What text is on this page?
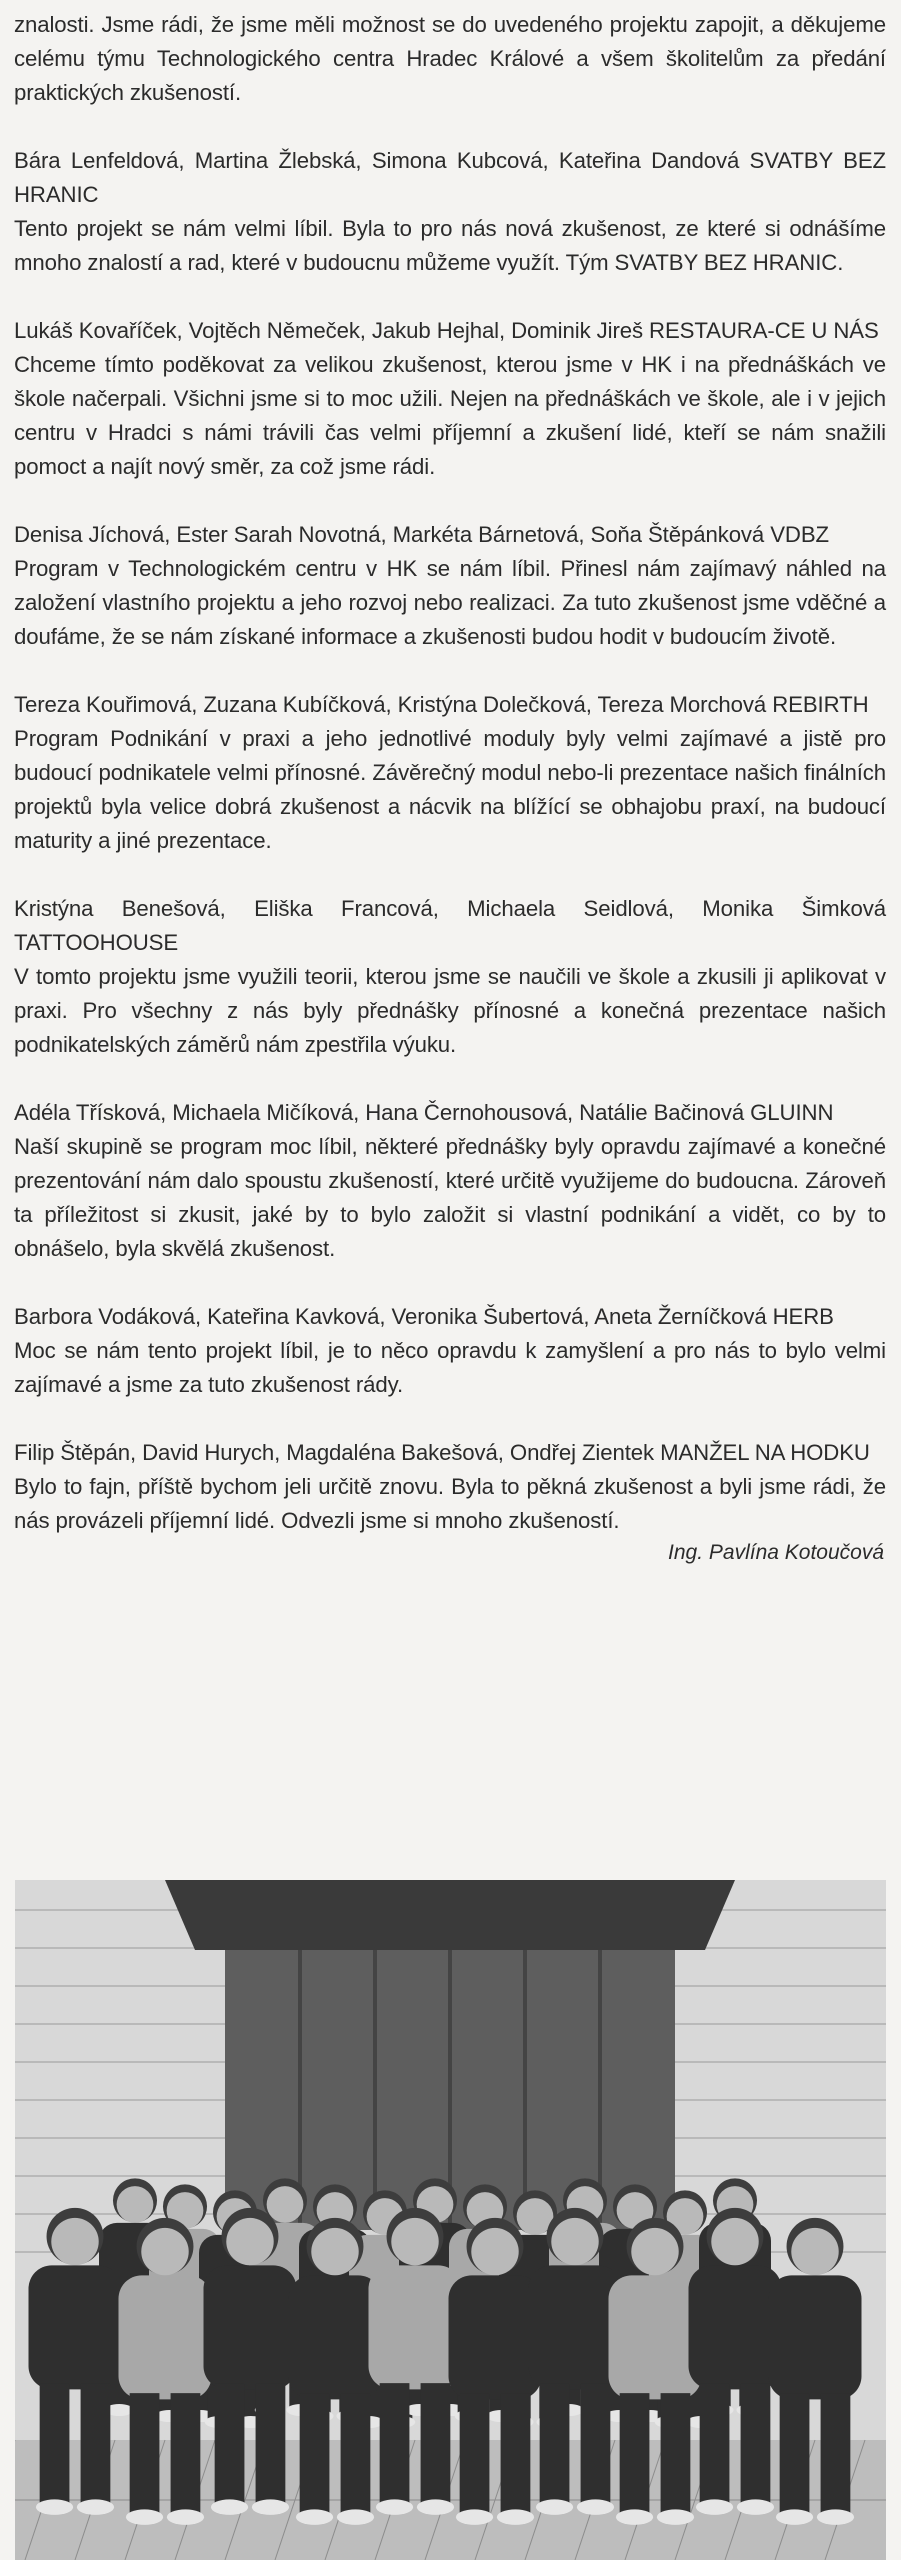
znalosti. Jsme rádi, že jsme měli možnost se do uvedeného projektu zapojit, a děkujeme celému týmu Technologického centra Hradec Králové a všem školitelům za předání praktických zkušeností.

Bára Lenfeldová, Martina Žlebská, Simona Kubcová, Kateřina Dandová SVATBY BEZ HRANIC

Tento projekt se nám velmi líbil. Byla to pro nás nová zkušenost, ze které si odnášíme mnoho znalostí a rad, které v budoucnu můžeme využít. Tým SVATBY BEZ HRANIC.

Lukáš Kovaříček, Vojtěch Němeček, Jakub Hejhal, Dominik Jireš RESTAURA-CE U NÁS

Chceme tímto poděkovat za velikou zkušenost, kterou jsme v HK i na přednáškách ve škole načerpali. Všichni jsme si to moc užili. Nejen na přednáškách ve škole, ale i v jejich centru v Hradci s námi trávili čas velmi příjemní a zkušení lidé, kteří se nám snažili pomoct a najít nový směr, za což jsme rádi.

Denisa Jíchová, Ester Sarah Novotná, Markéta Bárnetová, Soňa Štěpánková VDBZ

Program v Technologickém centru v HK se nám líbil. Přinesl nám zajímavý náhled na založení vlastního projektu a jeho rozvoj nebo realizaci. Za tuto zkušenost jsme vděčné a doufáme, že se nám získané informace a zkušenosti budou hodit v budoucím životě.

Tereza Kouřimová, Zuzana Kubíčková, Kristýna Dolečková, Tereza Morchová REBIRTH

Program Podnikání v praxi a jeho jednotlivé moduly byly velmi zajímavé a jistě pro budoucí podnikatele velmi přínosné. Závěrečný modul nebo-li prezentace našich finálních projektů byla velice dobrá zkušenost a nácvik na blížící se obhajobu praxí, na budoucí maturity a jiné prezentace.

Kristýna Benešová, Eliška Francová, Michaela Seidlová, Monika Šimková TATTOOHOUSE

V tomto projektu jsme využili teorii, kterou jsme se naučili ve škole a zkusili ji aplikovat v praxi. Pro všechny z nás byly přednášky přínosné a konečná prezentace našich podnikatelských záměrů nám zpestřila výuku.

Adéla Třísková, Michaela Mičíková, Hana Černohousová, Natálie Bačinová GLUINN

Naší skupině se program moc líbil, některé přednášky byly opravdu zajímavé a konečné prezentování nám dalo spoustu zkušeností, které určitě využijeme do budoucna. Zároveň ta příležitost si zkusit, jaké by to bylo založit si vlastní podnikání a vidět, co by to obnášelo, byla skvělá zkušenost.

Barbora Vodáková, Kateřina Kavková, Veronika Šubertová, Aneta Žerníčková HERB

Moc se nám tento projekt líbil, je to něco opravdu k zamyšlení a pro nás to bylo velmi zajímavé a jsme za tuto zkušenost rády.

Filip Štěpán, David Hurych, Magdaléna Bakešová, Ondřej Zientek MANŽEL NA HODKU

Bylo to fajn, příště bychom jeli určitě znovu. Byla to pěkná zkušenost a byli jsme rádi, že nás provázeli příjemní lidé. Odvezli jsme si mnoho zkušeností.

Ing. Pavlína Kotoučová
